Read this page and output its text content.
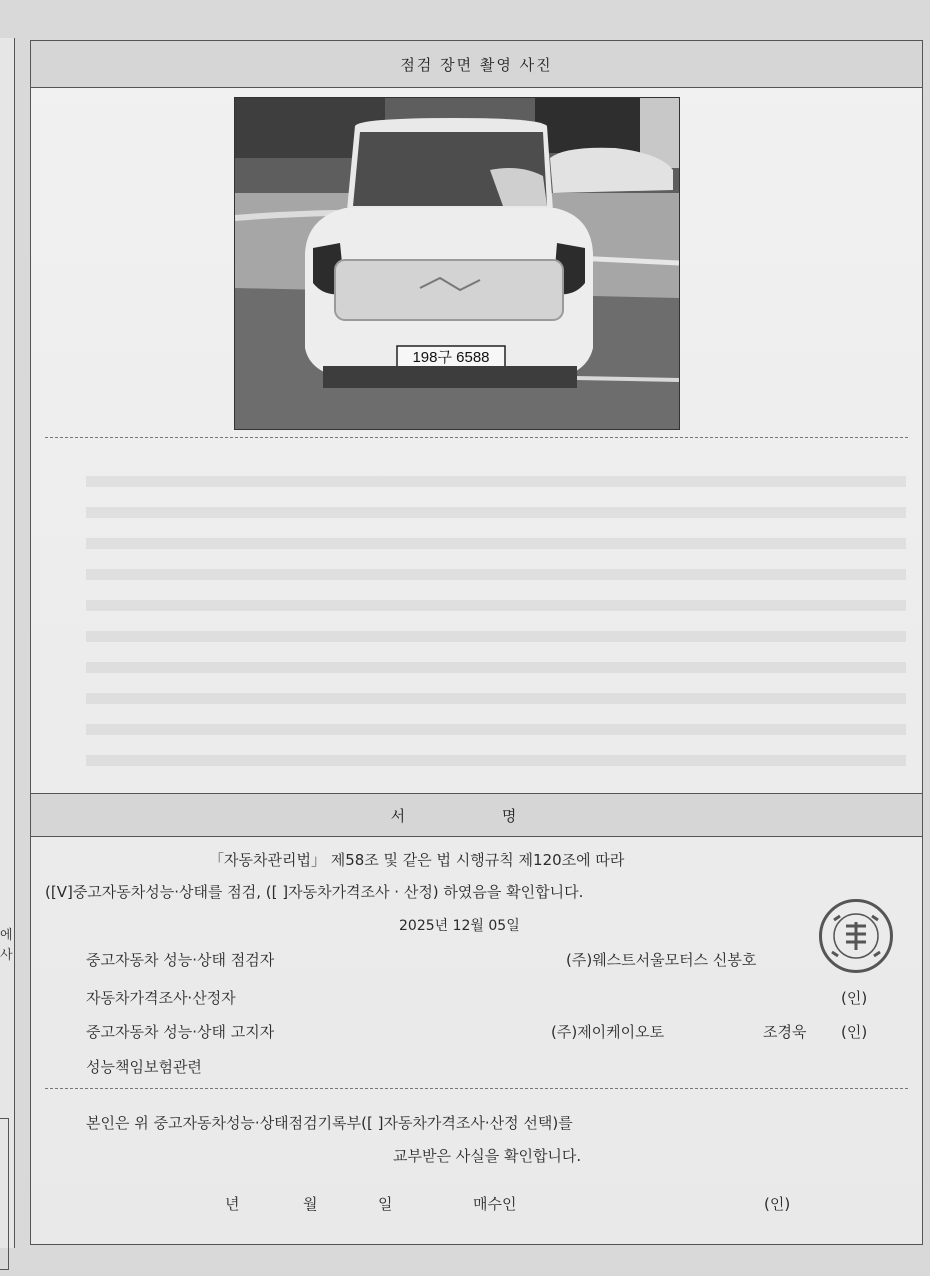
에
사
점검 장면 촬영 사진
198구 6588
서 명
「자동차관리법」 제58조 및 같은 법 시행규칙 제120조에 따라
([V]중고자동차성능·상태를 점검, ([ ]자동차가격조사 · 산정) 하였음을 확인합니다.
2025년 12월 05일
중고자동차 성능·상태 점검자	(주)웨스트서울모터스 신봉호
자동차가격조사·산정자	(인)
중고자동차 성능·상태 고지자	(주)제이케이오토	조경욱 (인)
성능책임보험관련
본인은 위 중고자동차성능·상태점검기록부([ ]자동차가격조사·산정 선택)를
교부받은 사실을 확인합니다.
년	월	일	매수인	(인)
